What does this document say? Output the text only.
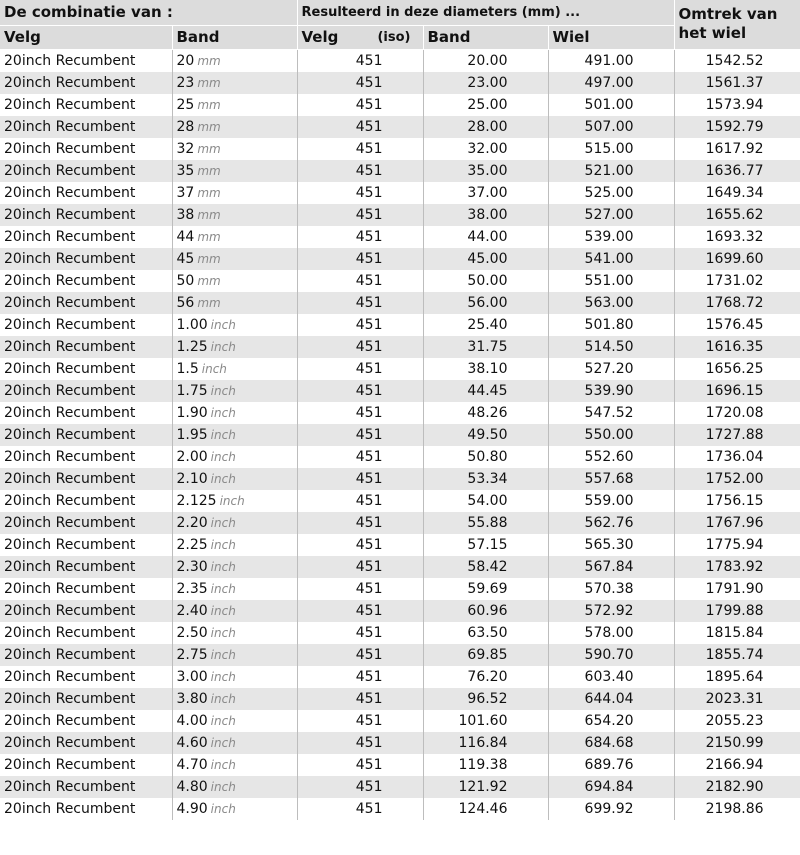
De combinatie van :		Resulteerd in deze diameters (mm) ...			Omtrek van het wiel
Velg	Band	Velg (iso)	Band	Wiel	
20inch Recumbent	20 mm	451	20.00	491.00	1542.52
20inch Recumbent	23 mm	451	23.00	497.00	1561.37
20inch Recumbent	25 mm	451	25.00	501.00	1573.94
20inch Recumbent	28 mm	451	28.00	507.00	1592.79
20inch Recumbent	32 mm	451	32.00	515.00	1617.92
20inch Recumbent	35 mm	451	35.00	521.00	1636.77
20inch Recumbent	37 mm	451	37.00	525.00	1649.34
20inch Recumbent	38 mm	451	38.00	527.00	1655.62
20inch Recumbent	44 mm	451	44.00	539.00	1693.32
20inch Recumbent	45 mm	451	45.00	541.00	1699.60
20inch Recumbent	50 mm	451	50.00	551.00	1731.02
20inch Recumbent	56 mm	451	56.00	563.00	1768.72
20inch Recumbent	1.00 inch	451	25.40	501.80	1576.45
20inch Recumbent	1.25 inch	451	31.75	514.50	1616.35
20inch Recumbent	1.5 inch	451	38.10	527.20	1656.25
20inch Recumbent	1.75 inch	451	44.45	539.90	1696.15
20inch Recumbent	1.90 inch	451	48.26	547.52	1720.08
20inch Recumbent	1.95 inch	451	49.50	550.00	1727.88
20inch Recumbent	2.00 inch	451	50.80	552.60	1736.04
20inch Recumbent	2.10 inch	451	53.34	557.68	1752.00
20inch Recumbent	2.125 inch	451	54.00	559.00	1756.15
20inch Recumbent	2.20 inch	451	55.88	562.76	1767.96
20inch Recumbent	2.25 inch	451	57.15	565.30	1775.94
20inch Recumbent	2.30 inch	451	58.42	567.84	1783.92
20inch Recumbent	2.35 inch	451	59.69	570.38	1791.90
20inch Recumbent	2.40 inch	451	60.96	572.92	1799.88
20inch Recumbent	2.50 inch	451	63.50	578.00	1815.84
20inch Recumbent	2.75 inch	451	69.85	590.70	1855.74
20inch Recumbent	3.00 inch	451	76.20	603.40	1895.64
20inch Recumbent	3.80 inch	451	96.52	644.04	2023.31
20inch Recumbent	4.00 inch	451	101.60	654.20	2055.23
20inch Recumbent	4.60 inch	451	116.84	684.68	2150.99
20inch Recumbent	4.70 inch	451	119.38	689.76	2166.94
20inch Recumbent	4.80 inch	451	121.92	694.84	2182.90
20inch Recumbent	4.90 inch	451	124.46	699.92	2198.86
